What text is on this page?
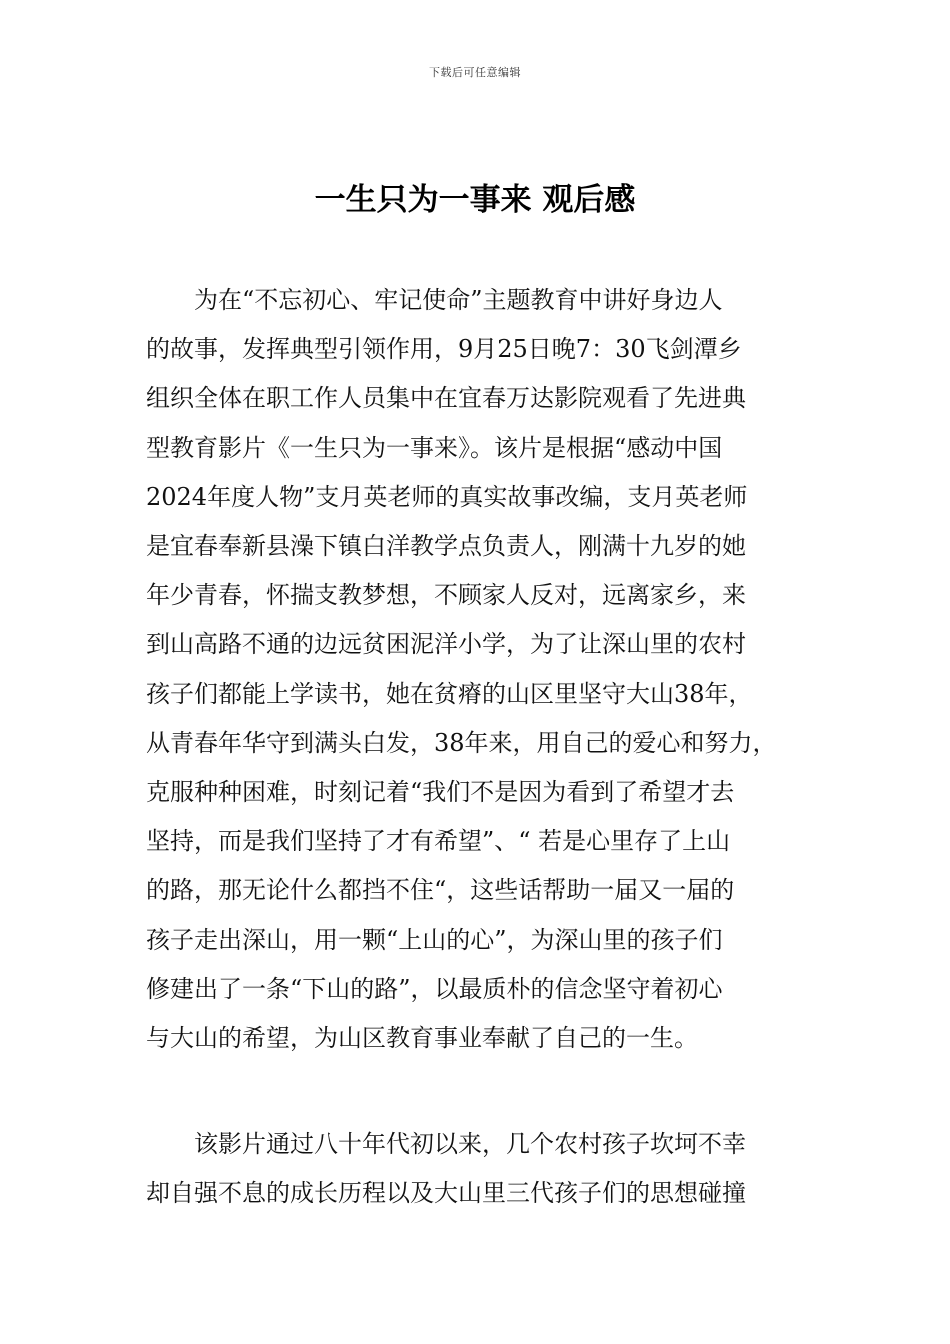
下载后可任意编辑
一生只为一事来 观后感
为在“不忘初心、牢记使命”主题教育中讲好身边人
的故事，发挥典型引领作用，9月25日晚7：30飞剑潭乡
组织全体在职工作人员集中在宜春万达影院观看了先进典
型教育影片《一生只为一事来》。该片是根据“感动中国
2024年度人物”支月英老师的真实故事改编，支月英老师
是宜春奉新县澡下镇白洋教学点负责人，刚满十九岁的她
年少青春，怀揣支教梦想，不顾家人反对，远离家乡，来
到山高路不通的边远贫困泥洋小学，为了让深山里的农村
孩子们都能上学读书，她在贫瘠的山区里坚守大山38年，
从青春年华守到满头白发，38年来，用自己的爱心和努力，
克服种种困难，时刻记着“我们不是因为看到了希望才去
坚持，而是我们坚持了才有希望”、“ 若是心里存了上山
的路，那无论什么都挡不住“，这些话帮助一届又一届的
孩子走出深山，用一颗“上山的心”，为深山里的孩子们
修建出了一条“下山的路”，以最质朴的信念坚守着初心
与大山的希望，为山区教育事业奉献了自己的一生。
该影片通过八十年代初以来，几个农村孩子坎坷不幸
却自强不息的成长历程以及大山里三代孩子们的思想碰撞
